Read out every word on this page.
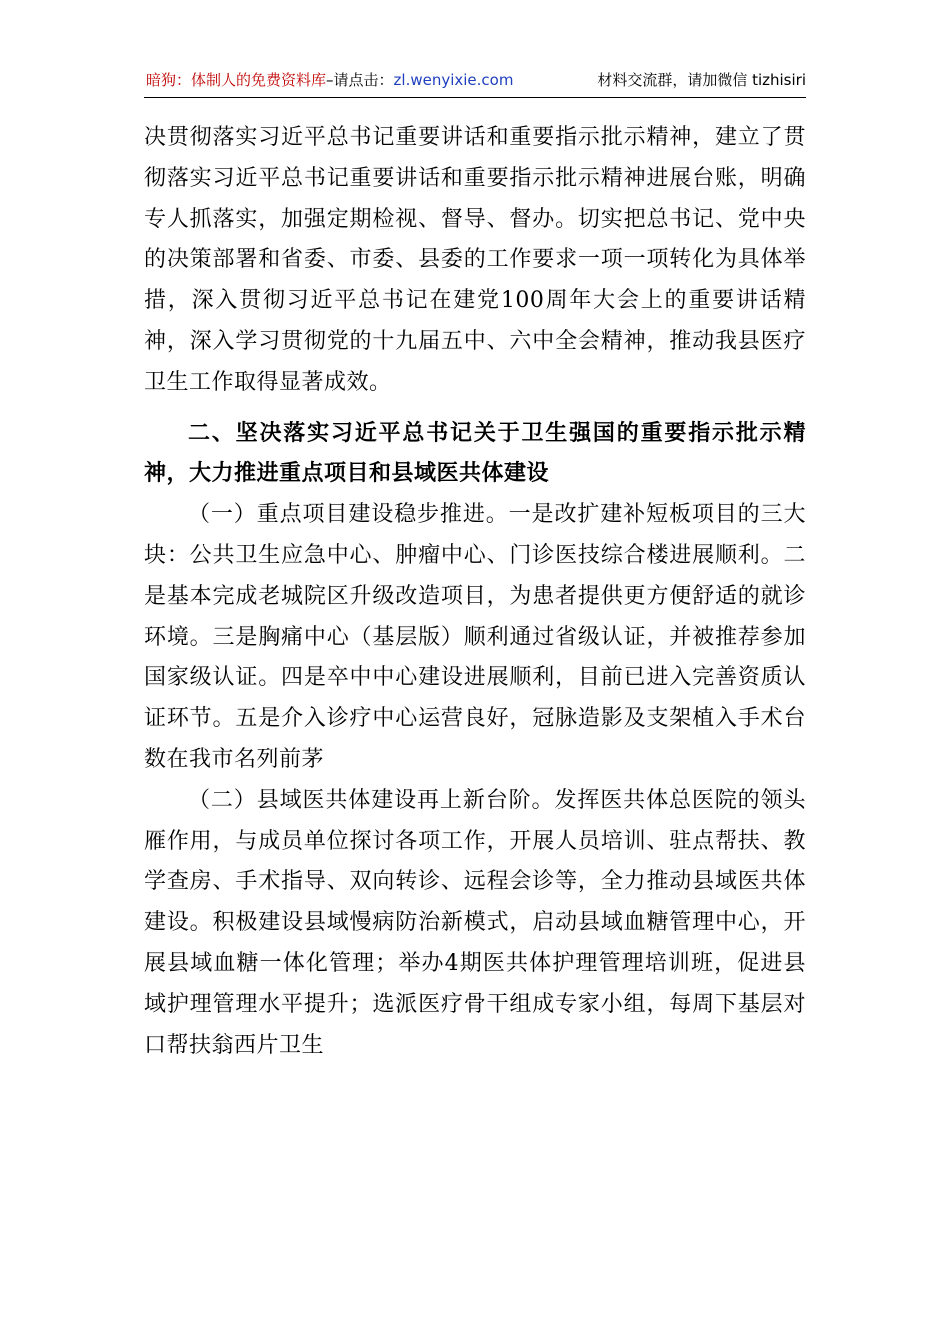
暗狗：体制人的免费资料库–请点击：zl.wenyixie.com	材料交流群，请加微信 tizhisiri

决贯彻落实习近平总书记重要讲话和重要指示批示精神，建立了贯彻落实习近平总书记重要讲话和重要指示批示精神进展台账，明确专人抓落实，加强定期检视、督导、督办。切实把总书记、党中央的决策部署和省委、市委、县委的工作要求一项一项转化为具体举措，深入贯彻习近平总书记在建党100周年大会上的重要讲话精神，深入学习贯彻党的十九届五中、六中全会精神，推动我县医疗卫生工作取得显著成效。

二、坚决落实习近平总书记关于卫生强国的重要指示批示精神，大力推进重点项目和县域医共体建设

（一）重点项目建设稳步推进。一是改扩建补短板项目的三大块：公共卫生应急中心、肿瘤中心、门诊医技综合楼进展顺利。二是基本完成老城院区升级改造项目，为患者提供更方便舒适的就诊环境。三是胸痛中心（基层版）顺利通过省级认证，并被推荐参加国家级认证。四是卒中中心建设进展顺利，目前已进入完善资质认证环节。五是介入诊疗中心运营良好，冠脉造影及支架植入手术台数在我市名列前茅

（二）县域医共体建设再上新台阶。发挥医共体总医院的领头雁作用，与成员单位探讨各项工作，开展人员培训、驻点帮扶、教学查房、手术指导、双向转诊、远程会诊等，全力推动县域医共体建设。积极建设县域慢病防治新模式，启动县域血糖管理中心，开展县域血糖一体化管理；举办4期医共体护理管理培训班，促进县域护理管理水平提升；选派医疗骨干组成专家小组，每周下基层对口帮扶翁西片卫生
